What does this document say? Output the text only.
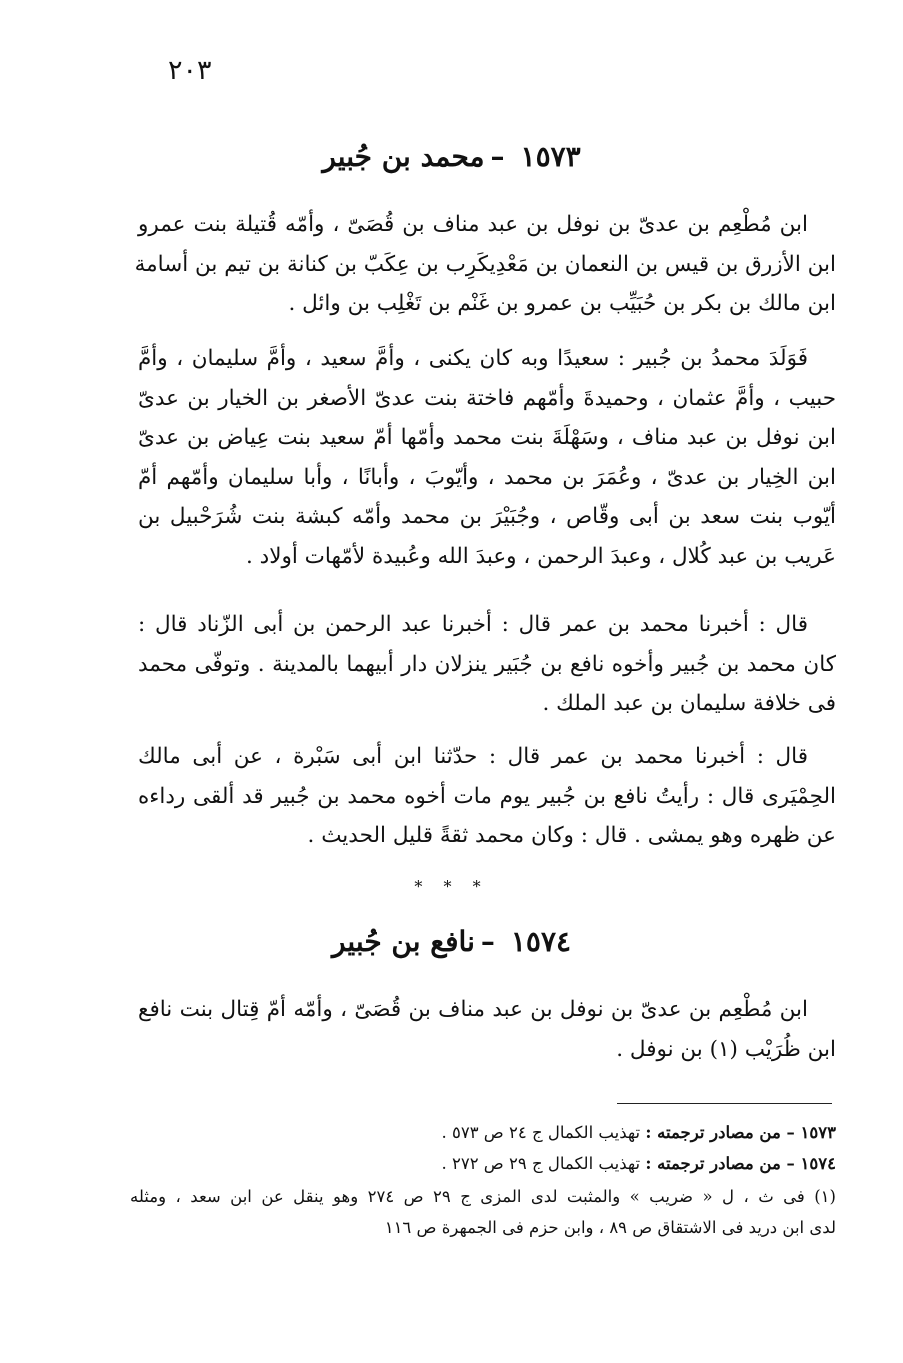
٢٠٣
١٥٧٣–محمد بن جُبير
ابن مُطْعِم بن عدىّ بن نوفل بن عبد مناف بن قُصَىّ ، وأمّه قُتيلة بنت عمرو
ابن الأزرق بن قيس بن النعمان بن مَعْدِيكَرِب بن عِكَبّ بن كنانة بن تيم بن أسامة
ابن مالك بن بكر بن حُبَيِّب بن عمرو بن غَنْم بن تَغْلِب بن وائل .
فَوَلَدَ محمدُ بن جُبير : سعيدًا وبه كان يكنى ، وأمَّ سعيد ، وأمَّ سليمان ، وأمَّ
حبيب ، وأمَّ عثمان ، وحميدةَ وأمّهم فاختة بنت عدىّ الأصغر بن الخيار بن عدىّ
ابن نوفل بن عبد مناف ، وسَهْلَةَ بنت محمد وأمّها أمّ سعيد بنت عِياض بن عدىّ
ابن الخِيار بن عدىّ ، وعُمَرَ بن محمد ، وأيّوبَ ، وأبانًا ، وأبا سليمان وأمّهم أمّ
أيّوب بنت سعد بن أبى وقّاص ، وجُبَيْرَ بن محمد وأمّه كبشة بنت شُرَحْبيل بن
عَريب بن عبد كُلال ، وعبدَ الرحمن ، وعبدَ الله وعُبيدة لأمّهات أولاد .
قال : أخبرنا محمد بن عمر قال : أخبرنا عبد الرحمن بن أبى الزّناد قال :
كان محمد بن جُبير وأخوه نافع بن جُبَير ينزلان دار أبيهما بالمدينة . وتوفّى محمد
فى خلافة سليمان بن عبد الملك .
قال : أخبرنا محمد بن عمر قال : حدّثنا ابن أبى سَبْرة ، عن أبى مالك
الحِمْيَرى قال : رأيتُ نافع بن جُبير يوم مات أخوه محمد بن جُبير قد ألقى رداءه
عن ظهره وهو يمشى . قال : وكان محمد ثقةً قليل الحديث .
* * *
١٥٧٤–نافع بن جُبير
ابن مُطْعِم بن عدىّ بن نوفل بن عبد مناف بن قُصَىّ ، وأمّه أمّ قِتال بنت نافع
ابن ظُرَيْب (١) بن نوفل .
١٥٧٣ – من مصادر ترجمته : تهذيب الكمال ج ٢٤ ص ٥٧٣ .
١٥٧٤ – من مصادر ترجمته : تهذيب الكمال ج ٢٩ ص ٢٧٢ .
(١) فى ث ، ل « ضريب » والمثبت لدى المزى ج ٢٩ ص ٢٧٤ وهو ينقل عن ابن سعد ، ومثله
لدى ابن دريد فى الاشتقاق ص ٨٩ ، وابن حزم فى الجمهرة ص ١١٦
